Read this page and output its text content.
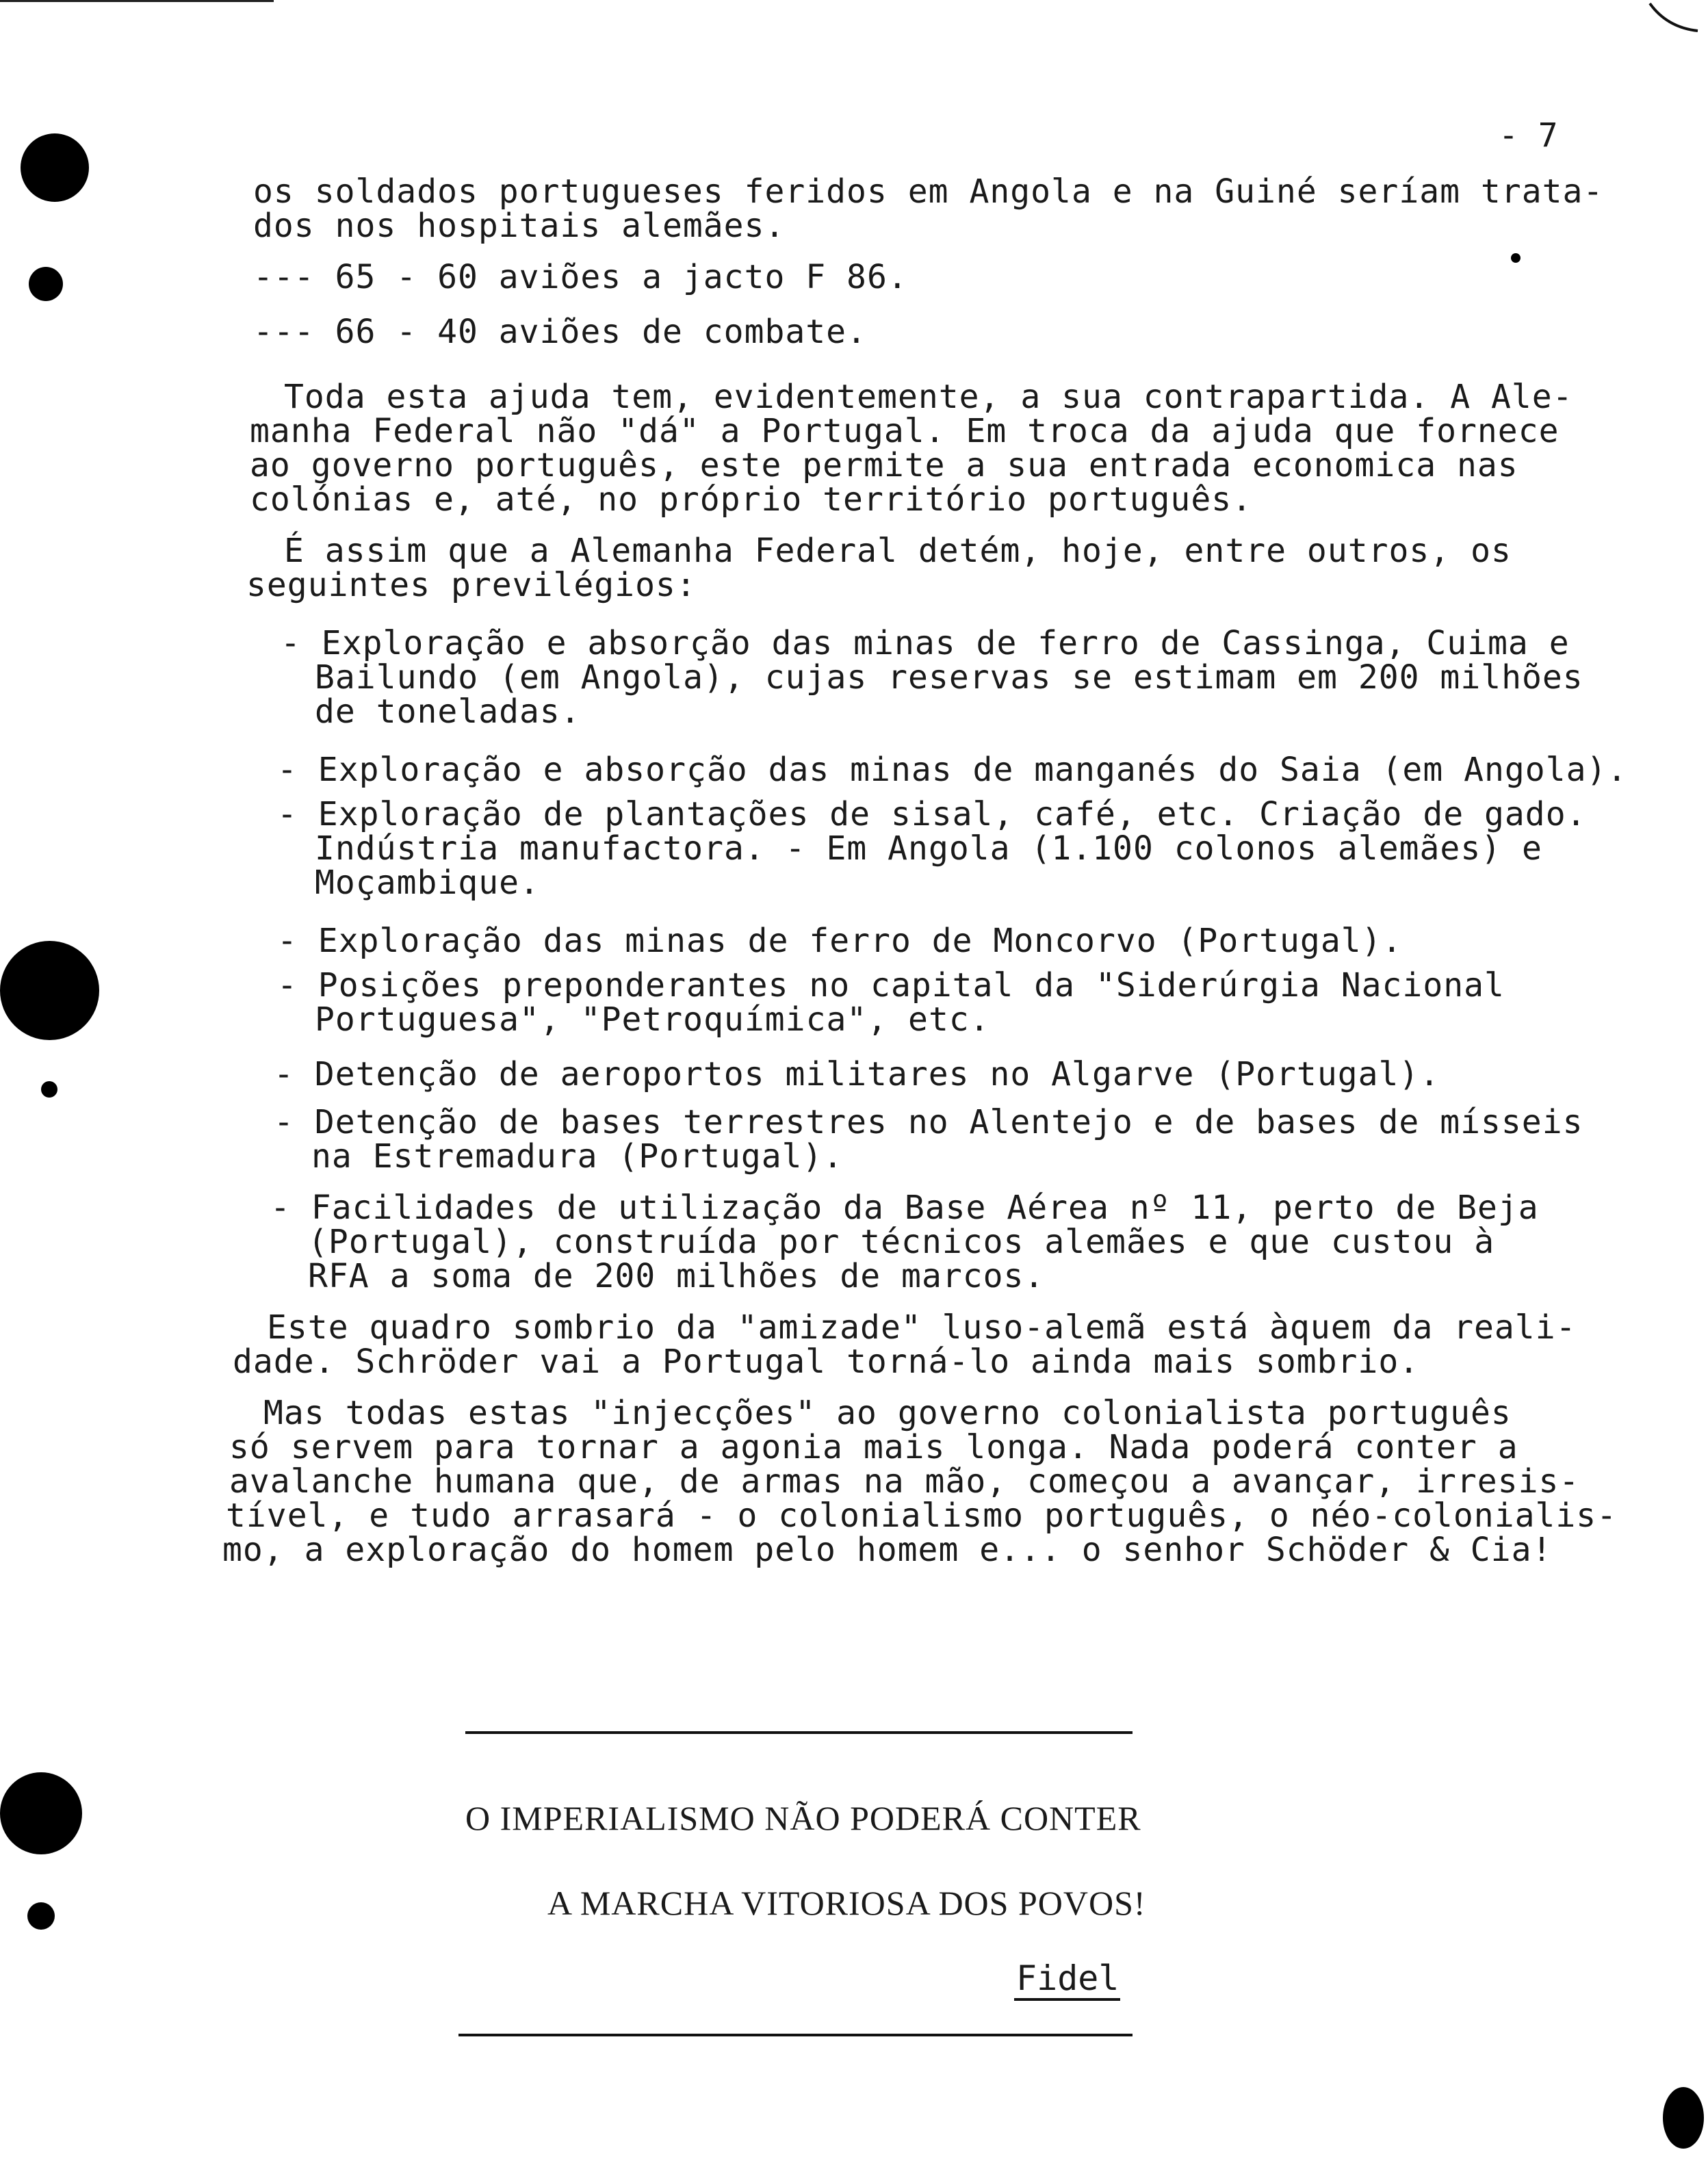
- 7
os soldados portugueses feridos em Angola e na Guiné seríam trata-
dos nos hospitais alemães.
--- 65 - 60 aviões a jacto F 86.
--- 66 - 40 aviões de combate.
Toda esta ajuda tem, evidentemente, a sua contrapartida. A Ale-
manha Federal não "dá" a Portugal. Em troca da ajuda que fornece
ao governo português, este permite a sua entrada economica nas
colónias e, até, no próprio território português.
É assim que a Alemanha Federal detém, hoje, entre outros, os
seguintes previlégios:
- Exploração e absorção das minas de ferro de Cassinga, Cuima e
Bailundo (em Angola), cujas reservas se estimam em 200 milhões
de toneladas.
- Exploração e absorção das minas de manganés do Saia (em Angola).
- Exploração de plantações de sisal, café, etc. Criação de gado.
Indústria manufactora. - Em Angola (1.100 colonos alemães) e
Moçambique.
- Exploração das minas de ferro de Moncorvo (Portugal).
- Posições preponderantes no capital da "Siderúrgia Nacional
Portuguesa", "Petroquímica", etc.
- Detenção de aeroportos militares no Algarve (Portugal).
- Detenção de bases terrestres no Alentejo e de bases de mísseis
na Estremadura (Portugal).
- Facilidades de utilização da Base Aérea nº 11, perto de Beja
(Portugal), construída por técnicos alemães e que custou à
RFA a soma de 200 milhões de marcos.
Este quadro sombrio da "amizade" luso-alemã está àquem da reali-
dade. Schröder vai a Portugal torná-lo ainda mais sombrio.
Mas todas estas "injecções" ao governo colonialista português
só servem para tornar a agonia mais longa. Nada poderá conter a
avalanche humana que, de armas na mão, começou a avançar, irresis-
tível, e tudo arrasará - o colonialismo português, o néo-colonialis-
mo, a exploração do homem pelo homem e... o senhor Schöder & Cia!
O IMPERIALISMO NÃO PODERÁ CONTER
A MARCHA VITORIOSA DOS POVOS!
Fidel
